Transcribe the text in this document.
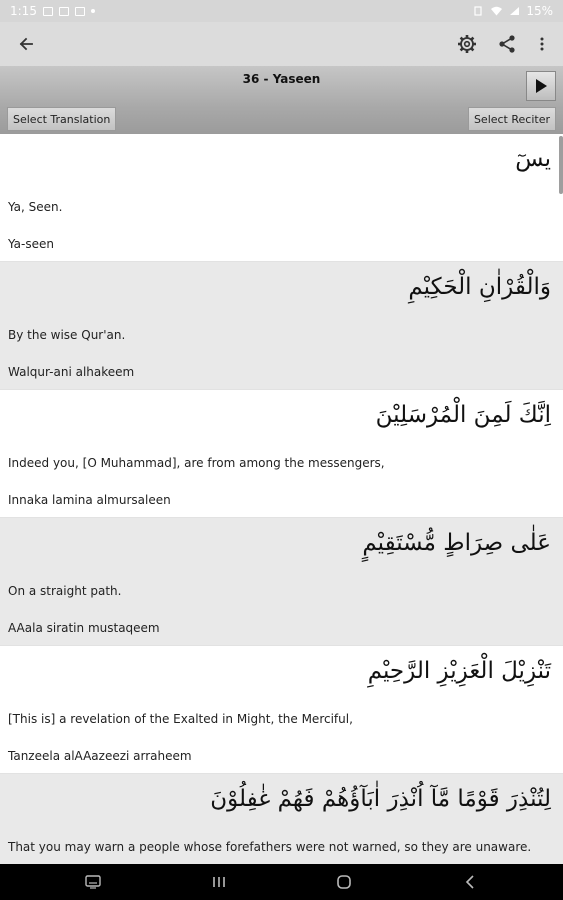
1:15	15%
36 - Yaseen
Select Translation	Select Reciter
يسٓ
Ya, Seen.
Ya-seen
وَالْقُرْاٰنِ الْحَكِيْمِ
By the wise Qur'an.
Walqur-ani alhakeem
اِنَّكَ لَمِنَ الْمُرْسَلِيْنَ
Indeed you, [O Muhammad], are from among the messengers,
Innaka lamina almursaleen
عَلٰى صِرَاطٍ مُّسْتَقِيْمٍ
On a straight path.
AAala siratin mustaqeem
تَنْزِيْلَ الْعَزِيْزِ الرَّحِيْمِ
[This is] a revelation of the Exalted in Might, the Merciful,
Tanzeela alAAazeezi arraheem
لِتُنْذِرَ قَوْمًا مَّآ اُنْذِرَ اٰبَآؤُهُمْ فَهُمْ غٰفِلُوْنَ
That you may warn a people whose forefathers were not warned, so they are unaware.
